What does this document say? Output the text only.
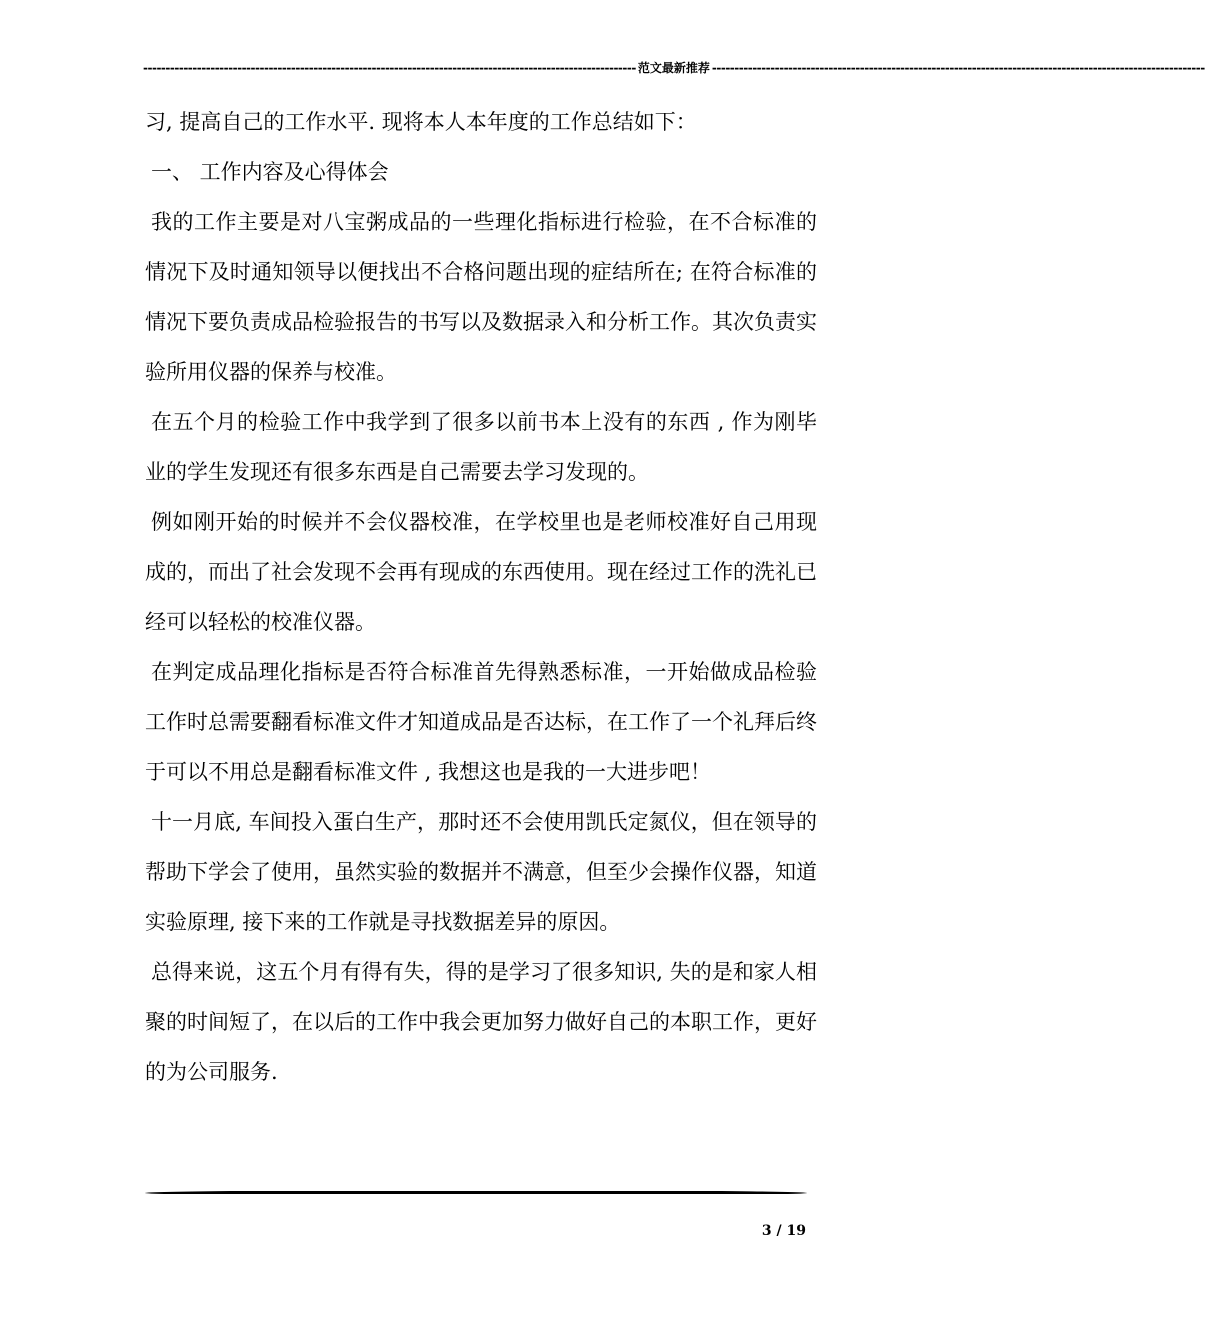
-------------------------------------------------------------------------------------------------------------- 范文最新推荐 --------------------------------------------------------------------------------------------------------------

习, 提高自己的工作水平. 现将本人本年度的工作总结如下：

一、 工作内容及心得体会

我的工作主要是对八宝粥成品的一些理化指标进行检验，在不合标准的情况下及时通知领导以便找出不合格问题出现的症结所在; 在符合标准的情况下要负责成品检验报告的书写以及数据录入和分析工作。其次负责实验所用仪器的保养与校准。

在五个月的检验工作中我学到了很多以前书本上没有的东西 , 作为刚毕业的学生发现还有很多东西是自己需要去学习发现的。

例如刚开始的时候并不会仪器校准，在学校里也是老师校准好自己用现成的，而出了社会发现不会再有现成的东西使用。现在经过工作的洗礼已经可以轻松的校准仪器。

在判定成品理化指标是否符合标准首先得熟悉标准，一开始做成品检验工作时总需要翻看标准文件才知道成品是否达标，在工作了一个礼拜后终于可以不用总是翻看标准文件 , 我想这也是我的一大进步吧！

十一月底, 车间投入蛋白生产，那时还不会使用凯氏定氮仪，但在领导的帮助下学会了使用，虽然实验的数据并不满意，但至少会操作仪器，知道实验原理, 接下来的工作就是寻找数据差异的原因。

总得来说，这五个月有得有失，得的是学习了很多知识, 失的是和家人相聚的时间短了，在以后的工作中我会更加努力做好自己的本职工作，更好的为公司服务.

3 / 19
